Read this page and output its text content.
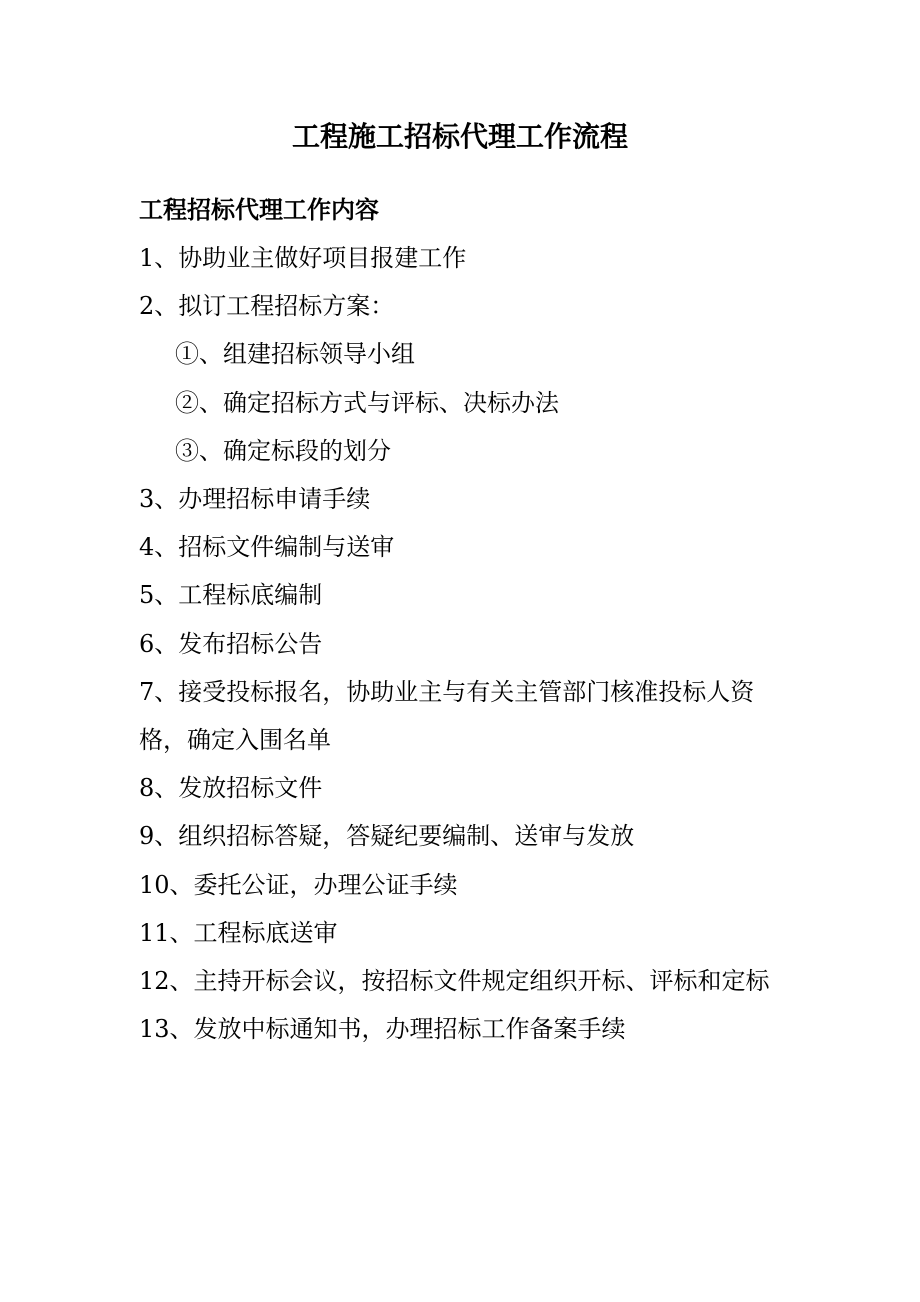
工程施工招标代理工作流程
工程招标代理工作内容
1、协助业主做好项目报建工作
2、拟订工程招标方案：
①、组建招标领导小组
②、确定招标方式与评标、决标办法
③、确定标段的划分
3、办理招标申请手续
4、招标文件编制与送审
5、工程标底编制
6、发布招标公告
7、接受投标报名，协助业主与有关主管部门核准投标人资
格，确定入围名单
8、发放招标文件
9、组织招标答疑，答疑纪要编制、送审与发放
10、委托公证，办理公证手续
11、工程标底送审
12、主持开标会议，按招标文件规定组织开标、评标和定标
13、发放中标通知书，办理招标工作备案手续
